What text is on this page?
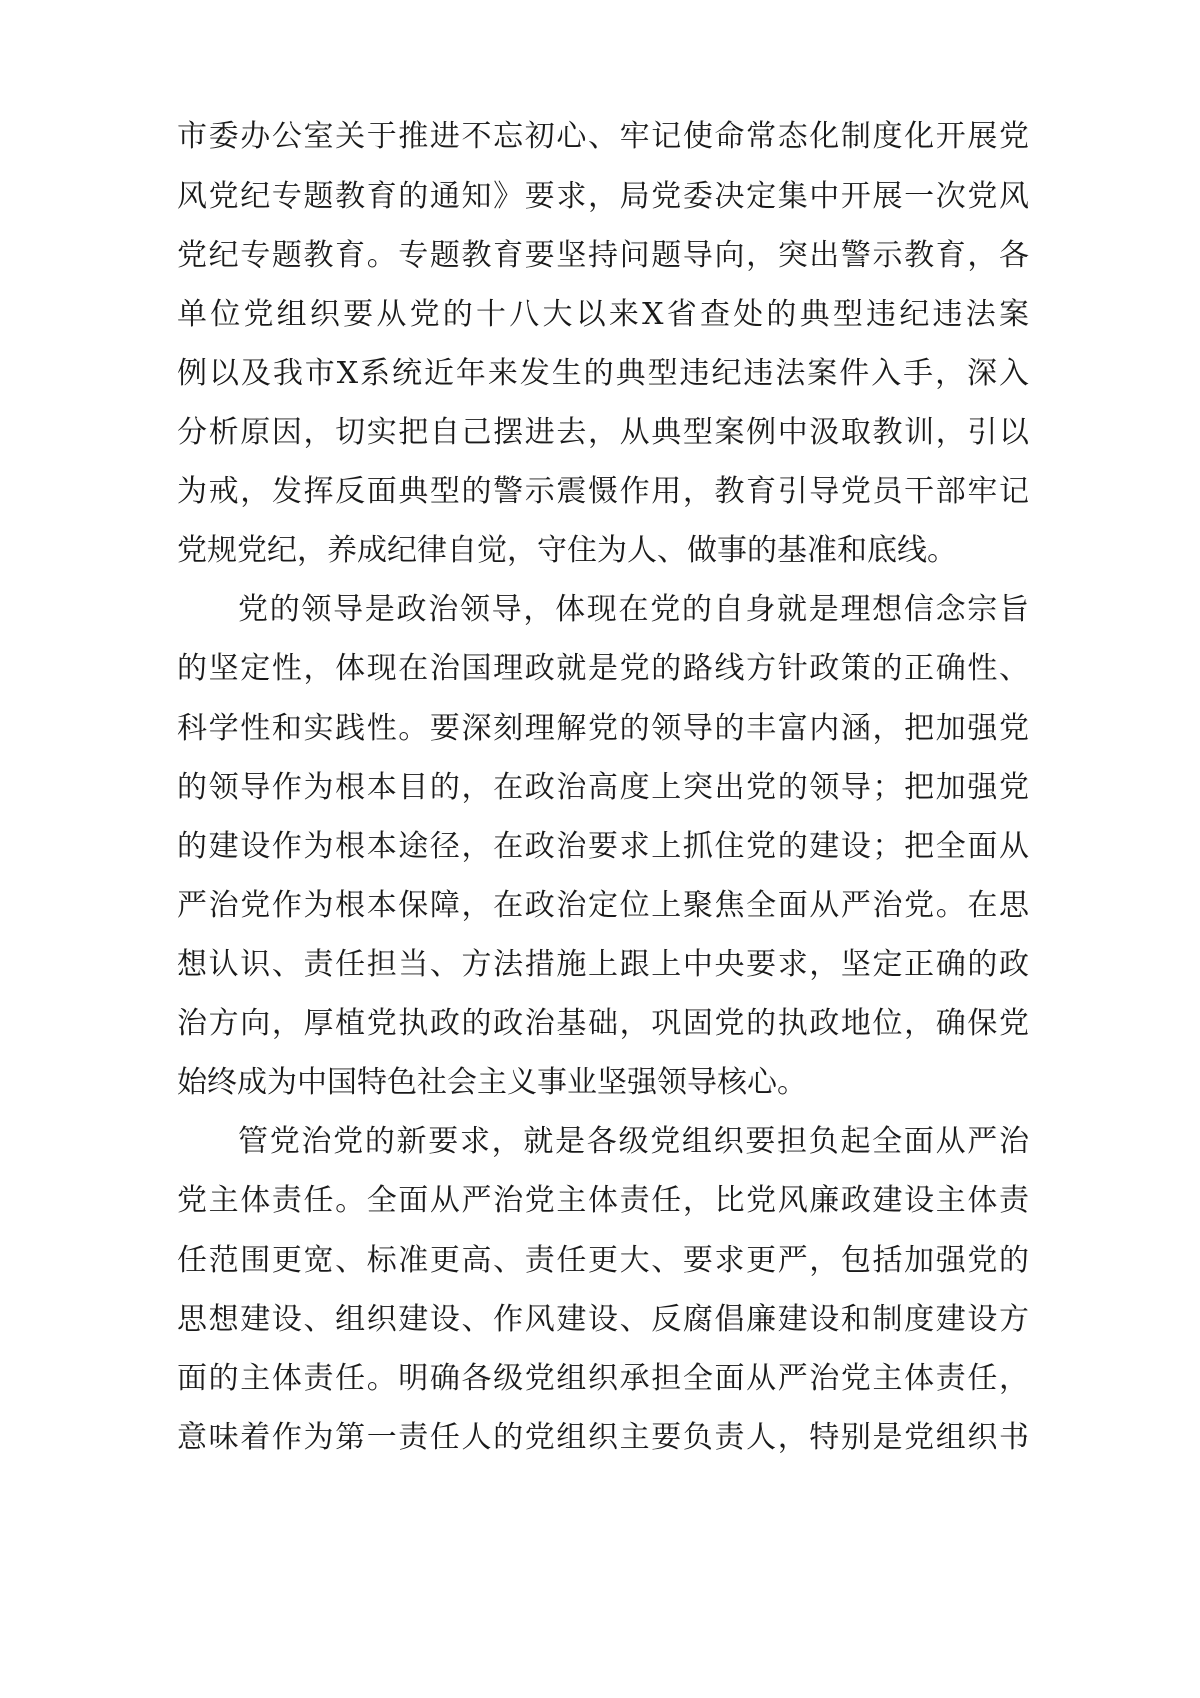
市委办公室关于推进不忘初心、牢记使命常态化制度化开展党
风党纪专题教育的通知》要求，局党委决定集中开展一次党风
党纪专题教育。专题教育要坚持问题导向，突出警示教育，各
单位党组织要从党的十八大以来X省查处的典型违纪违法案
例以及我市X系统近年来发生的典型违纪违法案件入手，深入
分析原因，切实把自己摆进去，从典型案例中汲取教训，引以
为戒，发挥反面典型的警示震慑作用，教育引导党员干部牢记
党规党纪，养成纪律自觉，守住为人、做事的基准和底线。
党的领导是政治领导，体现在党的自身就是理想信念宗旨
的坚定性，体现在治国理政就是党的路线方针政策的正确性、
科学性和实践性。要深刻理解党的领导的丰富内涵，把加强党
的领导作为根本目的，在政治高度上突出党的领导；把加强党
的建设作为根本途径，在政治要求上抓住党的建设；把全面从
严治党作为根本保障，在政治定位上聚焦全面从严治党。在思
想认识、责任担当、方法措施上跟上中央要求，坚定正确的政
治方向，厚植党执政的政治基础，巩固党的执政地位，确保党
始终成为中国特色社会主义事业坚强领导核心。
管党治党的新要求，就是各级党组织要担负起全面从严治
党主体责任。全面从严治党主体责任，比党风廉政建设主体责
任范围更宽、标准更高、责任更大、要求更严，包括加强党的
思想建设、组织建设、作风建设、反腐倡廉建设和制度建设方
面的主体责任。明确各级党组织承担全面从严治党主体责任，
意味着作为第一责任人的党组织主要负责人，特别是党组织书
